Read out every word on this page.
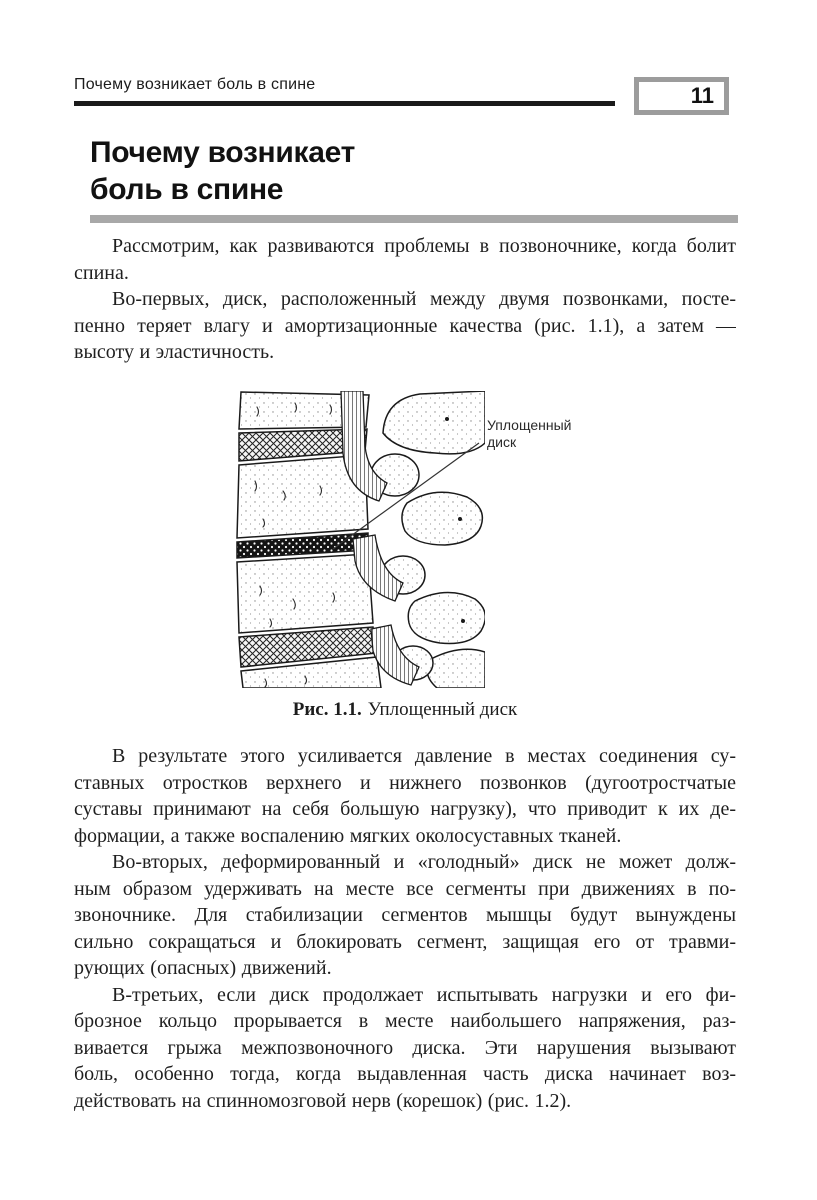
Почему возникает боль в спине	11
Почему возникает
боль в спине
Рассмотрим, как развиваются проблемы в позвоночнике, когда болит
спина.
Во-первых, диск, расположенный между двумя позвонками, посте-
пенно теряет влагу и амортизационные качества (рис. 1.1), а затем —
высоту и эластичность.
Уплощенный
диск
Рис. 1.1. Уплощенный диск
В результате этого усиливается давление в местах соединения су-
ставных отростков верхнего и нижнего позвонков (дугоотростчатые
суставы принимают на себя большую нагрузку), что приводит к их де-
формации, а также воспалению мягких околосуставных тканей.
Во-вторых, деформированный и «голодный» диск не может долж-
ным образом удерживать на месте все сегменты при движениях в по-
звоночнике. Для стабилизации сегментов мышцы будут вынуждены
сильно сокращаться и блокировать сегмент, защищая его от травми-
рующих (опасных) движений.
В-третьих, если диск продолжает испытывать нагрузки и его фи-
брозное кольцо прорывается в месте наибольшего напряжения, раз-
вивается грыжа межпозвоночного диска. Эти нарушения вызывают
боль, особенно тогда, когда выдавленная часть диска начинает воз-
действовать на спинномозговой нерв (корешок) (рис. 1.2).
